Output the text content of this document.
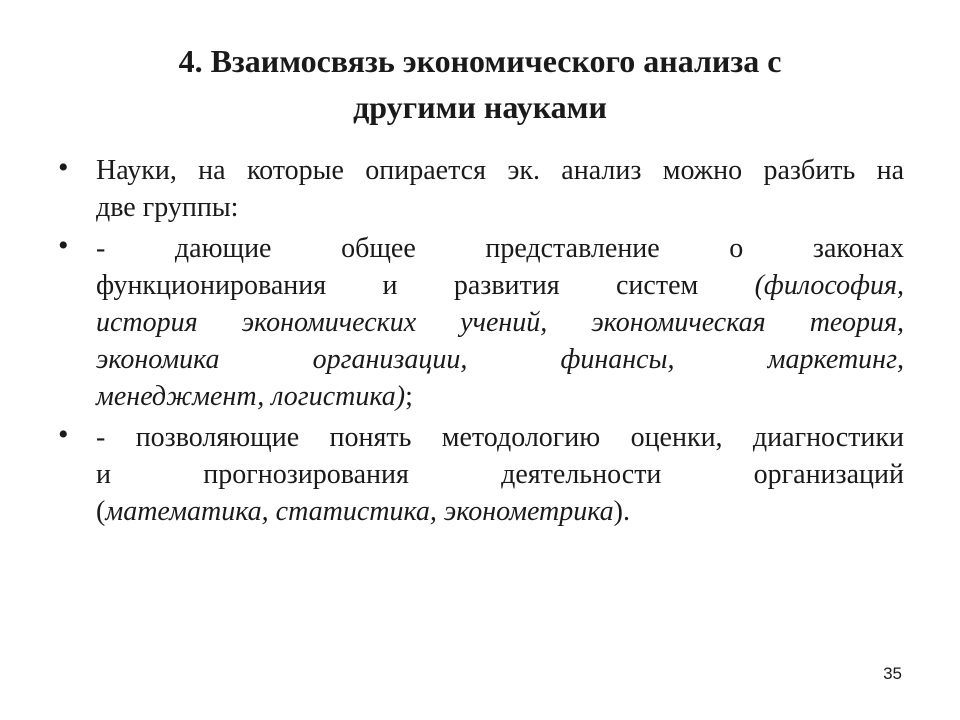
4. Взаимосвязь экономического анализа с
другими науками
• Науки, на которые опирается эк. анализ можно разбить на
две группы:
• - дающие общее представление о законах
функционирования и развития систем (философия,
история экономических учений, экономическая теория,
экономика организации, финансы, маркетинг,
менеджмент, логистика);
• - позволяющие понять методологию оценки, диагностики
и прогнозирования деятельности организаций
(математика, статистика, эконометрика).
35
